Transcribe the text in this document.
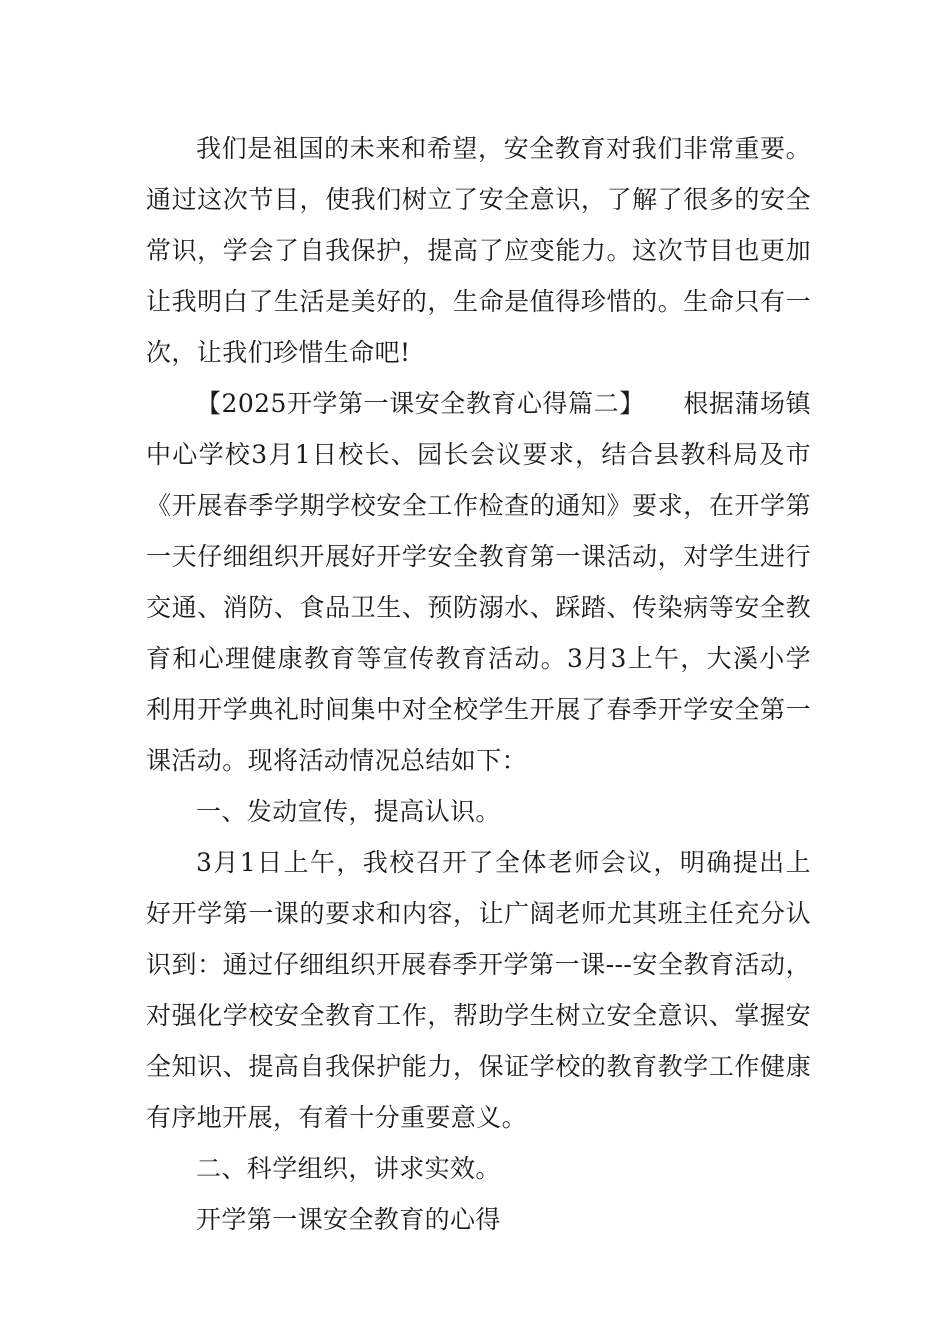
我们是祖国的未来和希望，安全教育对我们非常重要。通过这次节目，使我们树立了安全意识，了解了很多的安全常识，学会了自我保护，提高了应变能力。这次节目也更加让我明白了生活是美好的，生命是值得珍惜的。生命只有一次，让我们珍惜生命吧!

【2025开学第一课安全教育心得篇二】　　根据蒲场镇中心学校3月1日校长、园长会议要求，结合县教科局及市《开展春季学期学校安全工作检查的通知》要求，在开学第一天仔细组织开展好开学安全教育第一课活动，对学生进行交通、消防、食品卫生、预防溺水、踩踏、传染病等安全教育和心理健康教育等宣传教育活动。3月3上午，大溪小学利用开学典礼时间集中对全校学生开展了春季开学安全第一课活动。现将活动情况总结如下：

一、发动宣传，提高认识。

3月1日上午，我校召开了全体老师会议，明确提出上好开学第一课的要求和内容，让广阔老师尤其班主任充分认识到：通过仔细组织开展春季开学第一课---安全教育活动，对强化学校安全教育工作，帮助学生树立安全意识、掌握安全知识、提高自我保护能力，保证学校的教育教学工作健康有序地开展，有着十分重要意义。

二、科学组织，讲求实效。

开学第一课安全教育的心得
